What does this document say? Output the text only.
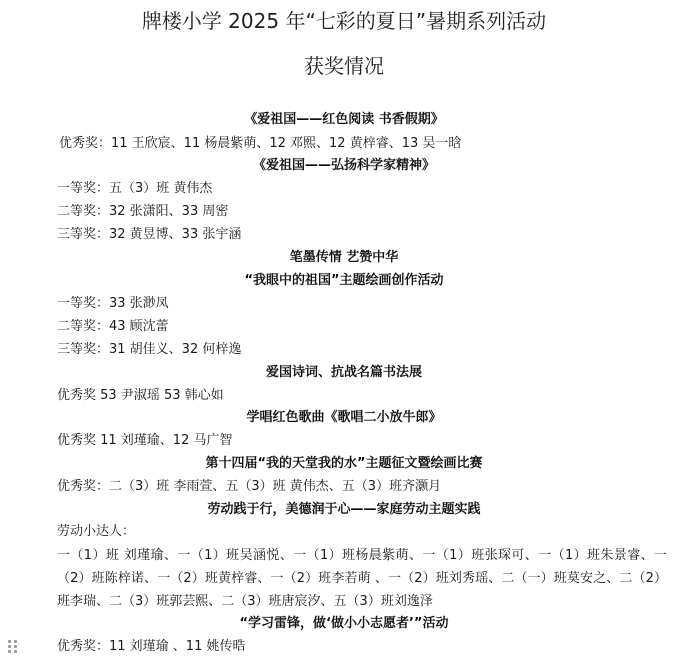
牌楼小学 2025 年“七彩的夏日”暑期系列活动
获奖情况
《爱祖国——红色阅读 书香假期》
优秀奖：11 王欣宸、11 杨晨紫萌、12 邓熙、12 黄梓睿、13 吴一晗
《爱祖国——弘扬科学家精神》
一等奖：五（3）班 黄伟杰
二等奖：32 张潇阳、33 周密
三等奖：32 黄昱博、33 张宇涵
笔墨传情 艺赞中华
“我眼中的祖国”主题绘画创作活动
一等奖：33 张渺凤
二等奖：43 顾沈蕾
三等奖：31 胡佳义、32 何梓逸
爱国诗词、抗战名篇书法展
优秀奖 53 尹淑瑶 53 韩心如
学唱红色歌曲《歌唱二小放牛郎》
优秀奖 11 刘瑾瑜、12 马广智
第十四届“我的天堂我的水”主题征文暨绘画比赛
优秀奖：二（3）班 李雨萱、五（3）班 黄伟杰、五（3）班齐灏月
劳动践于行，美德润于心——家庭劳动主题实践
劳动小达人：
一（1）班 刘瑾瑜、一（1）班吴涵悦、一（1）班杨晨紫萌、一（1）班张琛可、一（1）班朱景睿、一（2）班陈梓诺、一（2）班黄梓睿、一（2）班李若萌 、一（2）班刘秀瑶、二（一）班莫安之、二（2）班李瑞、二（3）班郭芸熙、二（3）班唐宸汐、五（3）班刘逸泽
“学习雷锋，做‘做小小志愿者’”活动
优秀奖：11 刘瑾瑜 、11 姚传晧
